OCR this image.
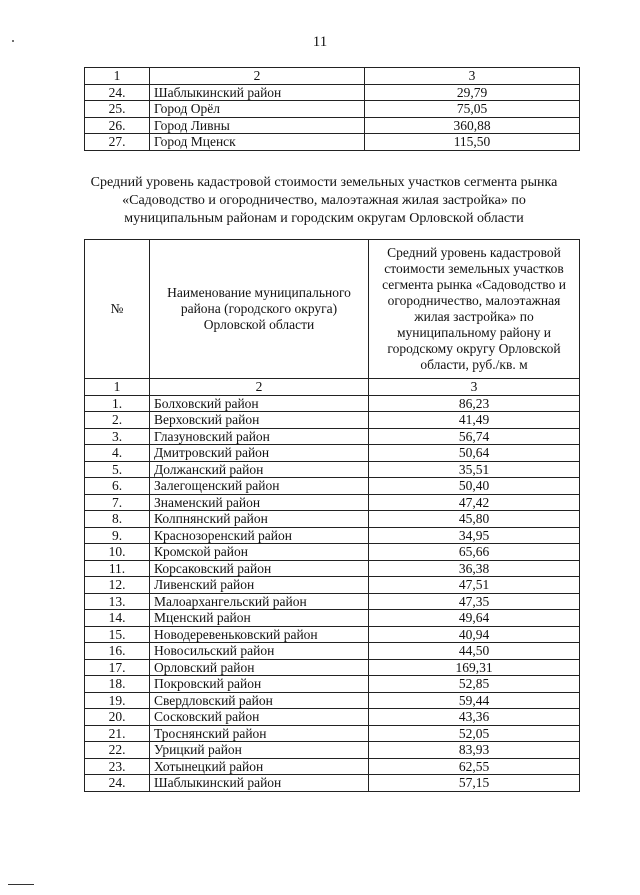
11
1	2	3
24.	Шаблыкинский район	29,79
25.	Город Орёл	75,05
26.	Город Ливны	360,88
27.	Город Мценск	115,50
Средний уровень кадастровой стоимости земельных участков сегмента рынка «Садоводство и огородничество, малоэтажная жилая застройка» по муниципальным районам и городским округам Орловской области
№	Наименование муниципального района (городского округа) Орловской области	Средний уровень кадастровой стоимости земельных участков сегмента рынка «Садоводство и огородничество, малоэтажная жилая застройка» по муниципальному району и городскому округу Орловской области, руб./кв. м
1	2	3
1.	Болховский район	86,23
2.	Верховский район	41,49
3.	Глазуновский район	56,74
4.	Дмитровский район	50,64
5.	Должанский район	35,51
6.	Залегощенский район	50,40
7.	Знаменский район	47,42
8.	Колпнянский район	45,80
9.	Краснозоренский район	34,95
10.	Кромской район	65,66
11.	Корсаковский район	36,38
12.	Ливенский район	47,51
13.	Малоархангельский район	47,35
14.	Мценский район	49,64
15.	Новодеревеньковский район	40,94
16.	Новосильский район	44,50
17.	Орловский район	169,31
18.	Покровский район	52,85
19.	Свердловский район	59,44
20.	Сосковский район	43,36
21.	Троснянский район	52,05
22.	Урицкий район	83,93
23.	Хотынецкий район	62,55
24.	Шаблыкинский район	57,15
